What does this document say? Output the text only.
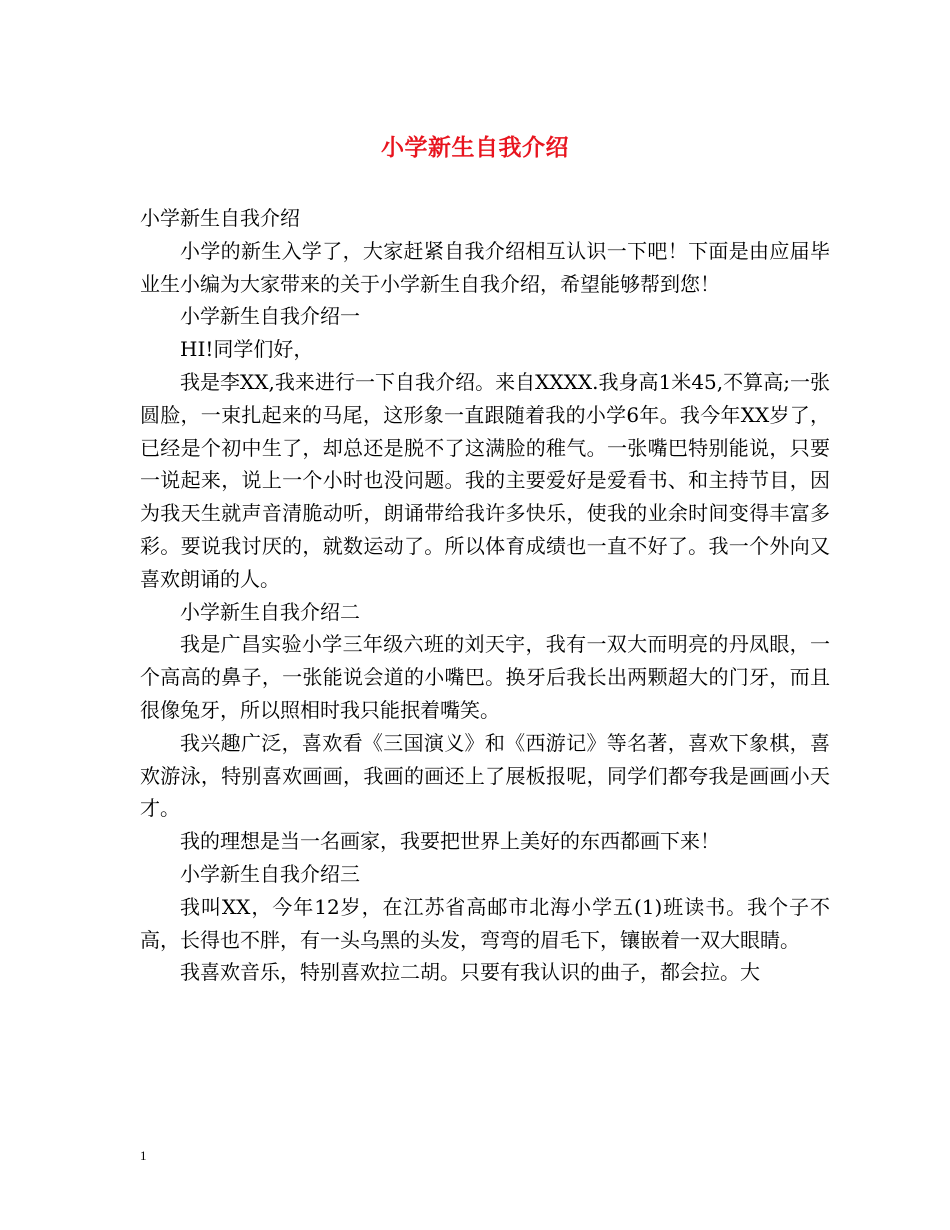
小学新生自我介绍

小学新生自我介绍

小学的新生入学了，大家赶紧自我介绍相互认识一下吧！下面是由应届毕业生小编为大家带来的关于小学新生自我介绍，希望能够帮到您！

小学新生自我介绍一

HI!同学们好，

我是李XX,我来进行一下自我介绍。来自XXXX.我身高1米45,不算高;一张圆脸，一束扎起来的马尾，这形象一直跟随着我的小学6年。我今年XX岁了，已经是个初中生了，却总还是脱不了这满脸的稚气。一张嘴巴特别能说，只要一说起来，说上一个小时也没问题。我的主要爱好是爱看书、和主持节目，因为我天生就声音清脆动听，朗诵带给我许多快乐，使我的业余时间变得丰富多彩。要说我讨厌的，就数运动了。所以体育成绩也一直不好了。我一个外向又喜欢朗诵的人。

小学新生自我介绍二

我是广昌实验小学三年级六班的刘天宇，我有一双大而明亮的丹凤眼，一个高高的鼻子，一张能说会道的小嘴巴。换牙后我长出两颗超大的门牙，而且很像兔牙，所以照相时我只能抿着嘴笑。

我兴趣广泛，喜欢看《三国演义》和《西游记》等名著，喜欢下象棋，喜欢游泳，特别喜欢画画，我画的画还上了展板报呢，同学们都夸我是画画小天才。

我的理想是当一名画家，我要把世界上美好的东西都画下来！

小学新生自我介绍三

我叫XX，今年12岁，在江苏省高邮市北海小学五(1)班读书。我个子不高，长得也不胖，有一头乌黑的头发，弯弯的眉毛下，镶嵌着一双大眼睛。

我喜欢音乐，特别喜欢拉二胡。只要有我认识的曲子，都会拉。大

1
